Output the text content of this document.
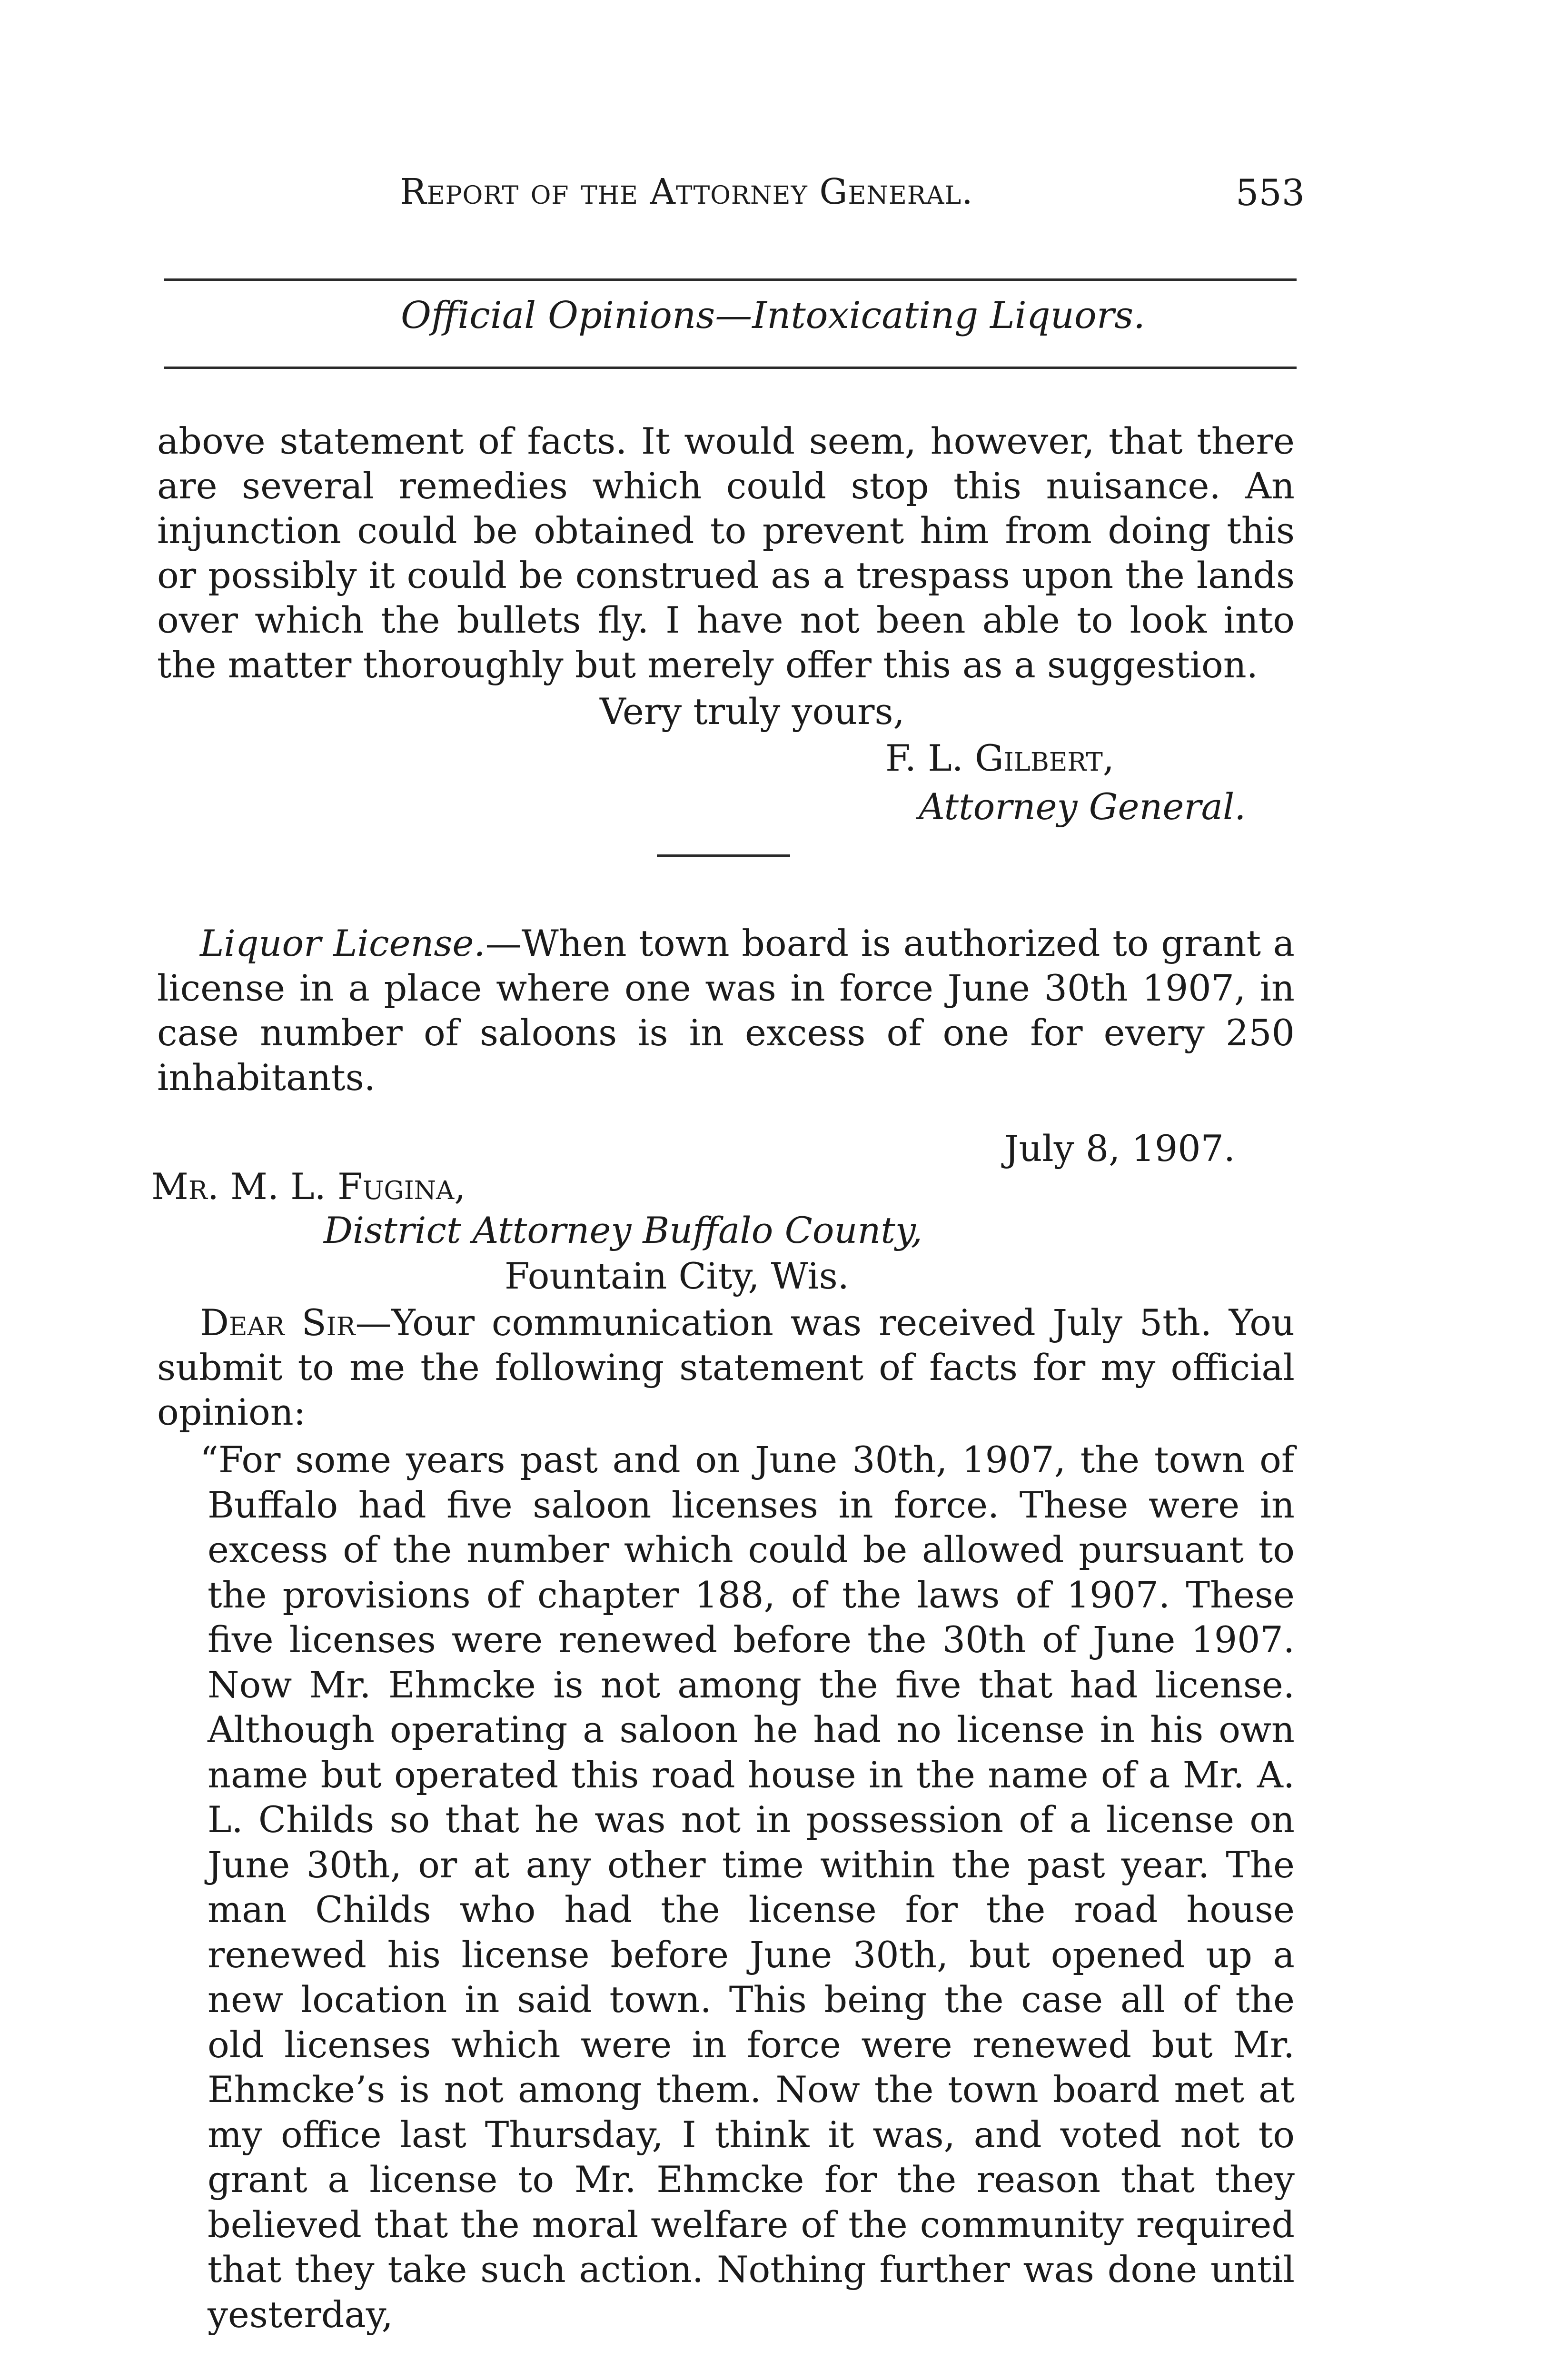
Report of the Attorney General.	553
Official Opinions—Intoxicating Liquors.

above statement of facts. It would seem, however, that there are several remedies which could stop this nuisance. An injunction could be obtained to prevent him from doing this or possibly it could be construed as a trespass upon the lands over which the bullets fly. I have not been able to look into the matter thoroughly but merely offer this as a suggestion.

Very truly yours,
F. L. Gilbert,
Attorney General.

Liquor License.—When town board is authorized to grant a license in a place where one was in force June 30th 1907, in case number of saloons is in excess of one for every 250 inhabitants.

July 8, 1907.
Mr. M. L. Fugina,
District Attorney Buffalo County,
Fountain City, Wis.

Dear Sir—Your communication was received July 5th. You submit to me the following statement of facts for my official opinion:

“For some years past and on June 30th, 1907, the town of Buffalo had five saloon licenses in force. These were in excess of the number which could be allowed pursuant to the provisions of chapter 188, of the laws of 1907. These five licenses were renewed before the 30th of June 1907. Now Mr. Ehmcke is not among the five that had license. Although operating a saloon he had no license in his own name but operated this road house in the name of a Mr. A. L. Childs so that he was not in possession of a license on June 30th, or at any other time within the past year. The man Childs who had the license for the road house renewed his license before June 30th, but opened up a new location in said town. This being the case all of the old licenses which were in force were renewed but Mr. Ehmcke’s is not among them. Now the town board met at my office last Thursday, I think it was, and voted not to grant a license to Mr. Ehmcke for the reason that they believed that the moral welfare of the community required that they take such action. Nothing further was done until yesterday,
